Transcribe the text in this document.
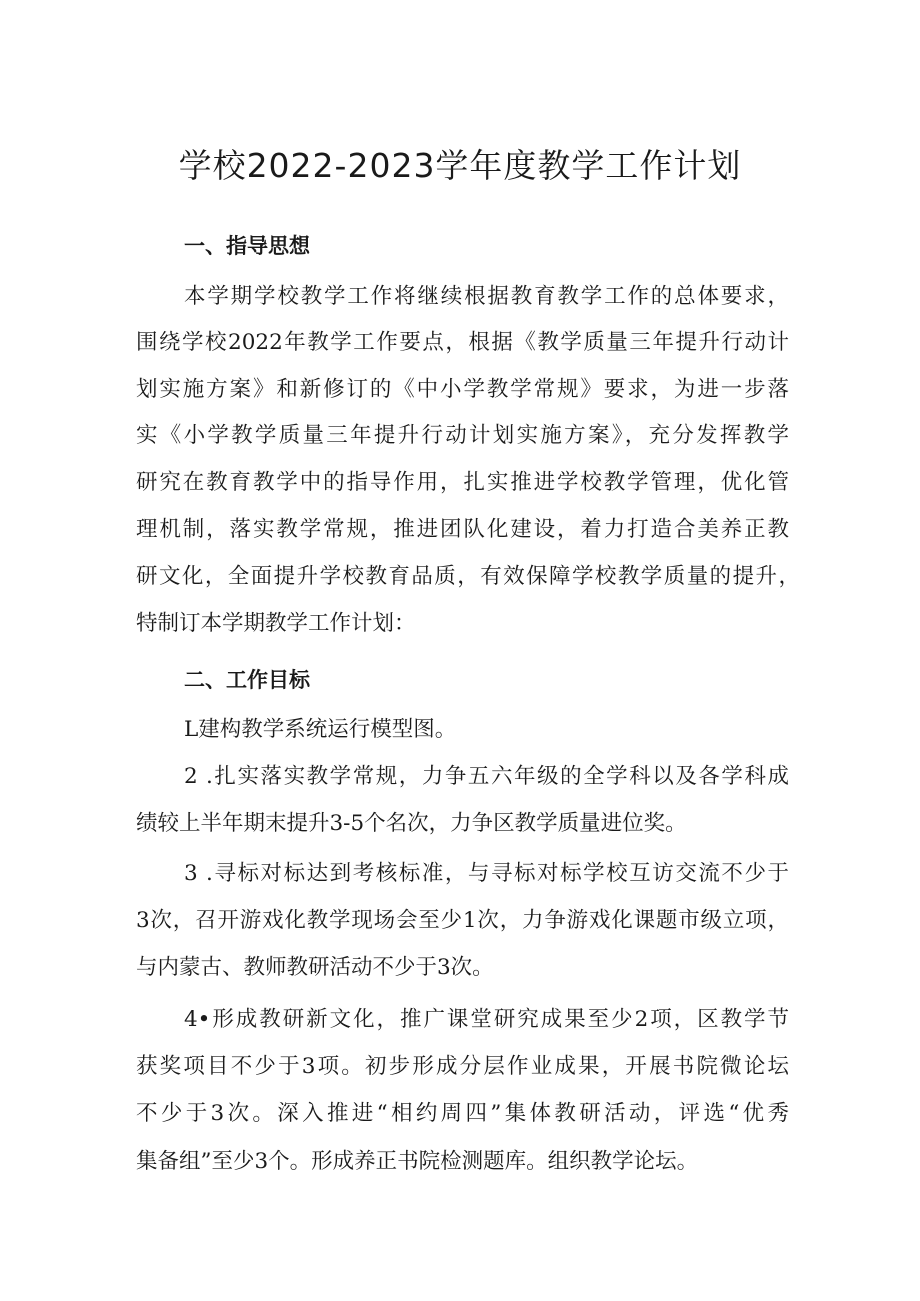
学校2022-2023学年度教学工作计划
一、指导思想

本学期学校教学工作将继续根据教育教学工作的总体要求，

围绕学校2022年教学工作要点，根据《教学质量三年提升行动计

划实施方案》和新修订的《中小学教学常规》要求，为进一步落

实《小学教学质量三年提升行动计划实施方案》，充分发挥教学

研究在教育教学中的指导作用，扎实推进学校教学管理，优化管

理机制，落实教学常规，推进团队化建设，着力打造合美养正教

研文化，全面提升学校教育品质，有效保障学校教学质量的提升，

特制订本学期教学工作计划：

二、工作目标

L建构教学系统运行模型图。

2 .扎实落实教学常规，力争五六年级的全学科以及各学科成

绩较上半年期末提升3-5个名次，力争区教学质量进位奖。

3 .寻标对标达到考核标准，与寻标对标学校互访交流不少于

3次，召开游戏化教学现场会至少1次，力争游戏化课题市级立项，

与内蒙古、教师教研活动不少于3次。

4•形成教研新文化，推广课堂研究成果至少2项，区教学节

获奖项目不少于3项。初步形成分层作业成果，开展书院微论坛

不少于3次。深入推进“相约周四”集体教研活动，评选“优秀

集备组”至少3个。形成养正书院检测题库。组织教学论坛。
